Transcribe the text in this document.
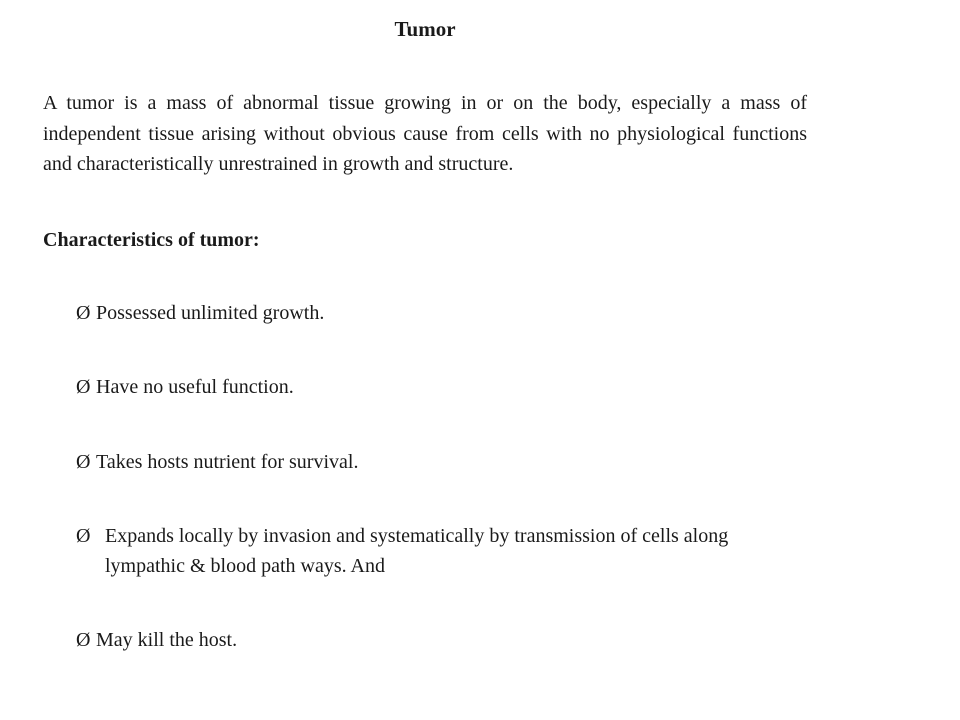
Tumor

A tumor is a mass of abnormal tissue growing in or on the body, especially a mass of independent tissue arising without obvious cause from cells with no physiological functions and characteristically unrestrained in growth and structure.

Characteristics of tumor:

Ø Possessed unlimited growth.
Ø Have no useful function.
Ø Takes hosts nutrient for survival.
Ø Expands locally by invasion and systematically by transmission of cells along
lympathic & blood path ways. And
Ø May kill the host.
